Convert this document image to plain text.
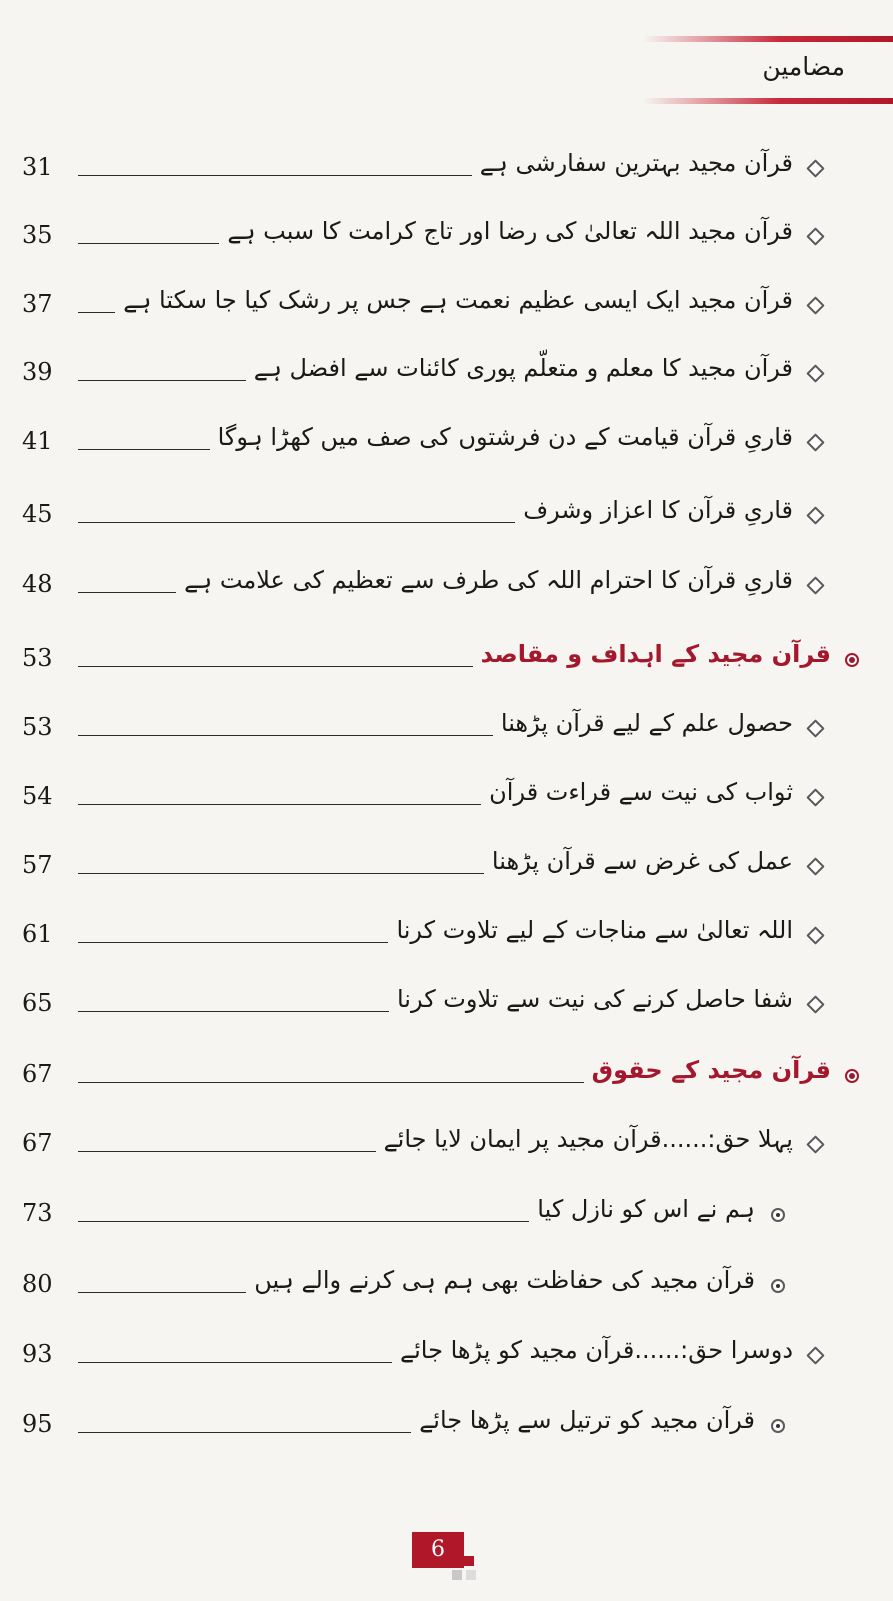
مضامین
31	قرآن مجید بہترین سفارشی ہے
35	قرآن مجید اللہ تعالیٰ کی رضا اور تاج کرامت کا سبب ہے
37	قرآن مجید ایک ایسی عظیم نعمت ہے جس پر رشک کیا جا سکتا ہے
39	قرآن مجید کا معلم و متعلّم پوری کائنات سے افضل ہے
41	قاریِ قرآن قیامت کے دن فرشتوں کی صف میں کھڑا ہوگا
45	قاریِ قرآن کا اعزاز وشرف
48	قاریِ قرآن کا احترام اللہ کی طرف سے تعظیم کی علامت ہے
53	قرآن مجید کے اہداف و مقاصد
53	حصول علم کے لیے قرآن پڑھنا
54	ثواب کی نیت سے قراءت قرآن
57	عمل کی غرض سے قرآن پڑھنا
61	اللہ تعالیٰ سے مناجات کے لیے تلاوت کرنا
65	شفا حاصل کرنے کی نیت سے تلاوت کرنا
67	قرآن مجید کے حقوق
67	پہلا حق:......قرآن مجید پر ایمان لایا جائے
73	ہم نے اس کو نازل کیا
80	قرآن مجید کی حفاظت بھی ہم ہی کرنے والے ہیں
93	دوسرا حق:......قرآن مجید کو پڑھا جائے
95	قرآن مجید کو ترتیل سے پڑھا جائے
6
